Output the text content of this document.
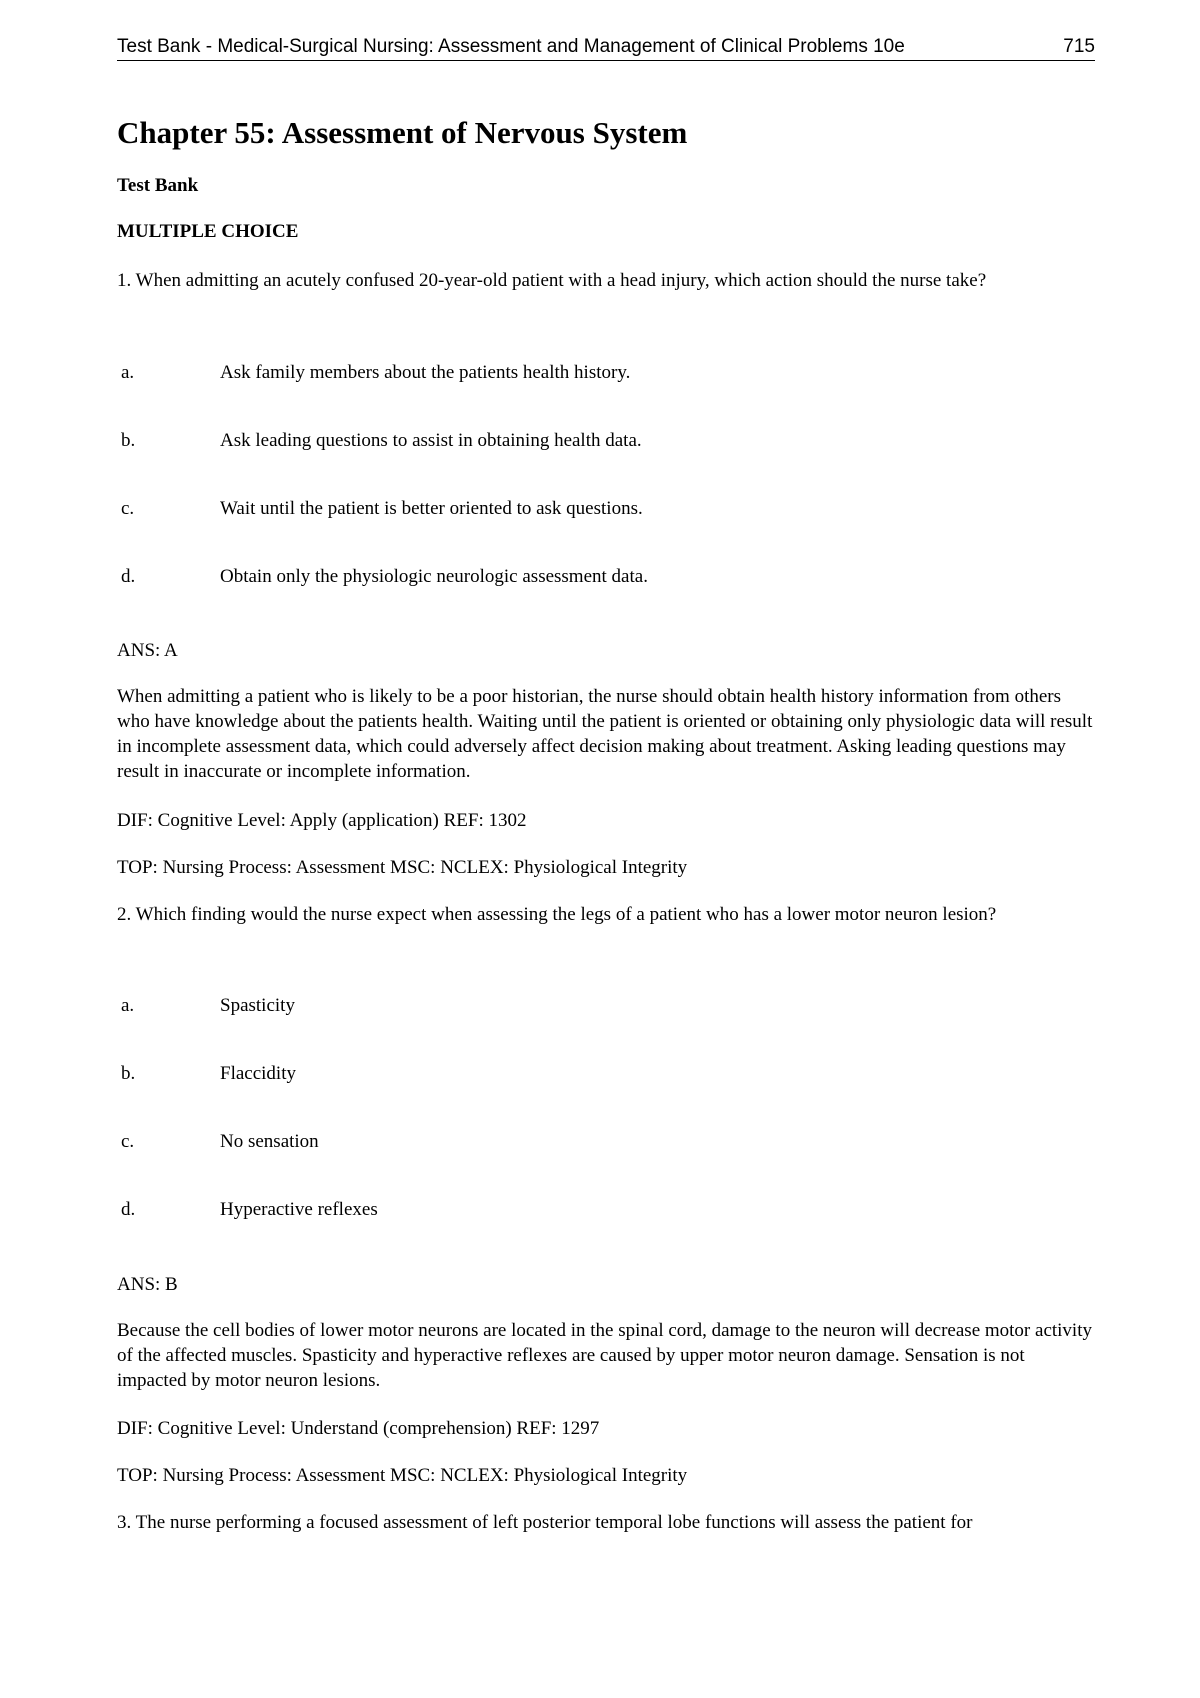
Test Bank - Medical-Surgical Nursing: Assessment and Management of Clinical Problems 10e	715
Chapter 55: Assessment of Nervous System
Test Bank
MULTIPLE CHOICE
1. When admitting an acutely confused 20-year-old patient with a head injury, which action should the nurse take?
a.	Ask family members about the patients health history.
b.	Ask leading questions to assist in obtaining health data.
c.	Wait until the patient is better oriented to ask questions.
d.	Obtain only the physiologic neurologic assessment data.
ANS: A
When admitting a patient who is likely to be a poor historian, the nurse should obtain health history information from others who have knowledge about the patients health. Waiting until the patient is oriented or obtaining only physiologic data will result in incomplete assessment data, which could adversely affect decision making about treatment. Asking leading questions may result in inaccurate or incomplete information.
DIF: Cognitive Level: Apply (application) REF: 1302
TOP: Nursing Process: Assessment MSC: NCLEX: Physiological Integrity
2. Which finding would the nurse expect when assessing the legs of a patient who has a lower motor neuron lesion?
a.	Spasticity
b.	Flaccidity
c.	No sensation
d.	Hyperactive reflexes
ANS: B
Because the cell bodies of lower motor neurons are located in the spinal cord, damage to the neuron will decrease motor activity of the affected muscles. Spasticity and hyperactive reflexes are caused by upper motor neuron damage. Sensation is not impacted by motor neuron lesions.
DIF: Cognitive Level: Understand (comprehension) REF: 1297
TOP: Nursing Process: Assessment MSC: NCLEX: Physiological Integrity
3. The nurse performing a focused assessment of left posterior temporal lobe functions will assess the patient for
